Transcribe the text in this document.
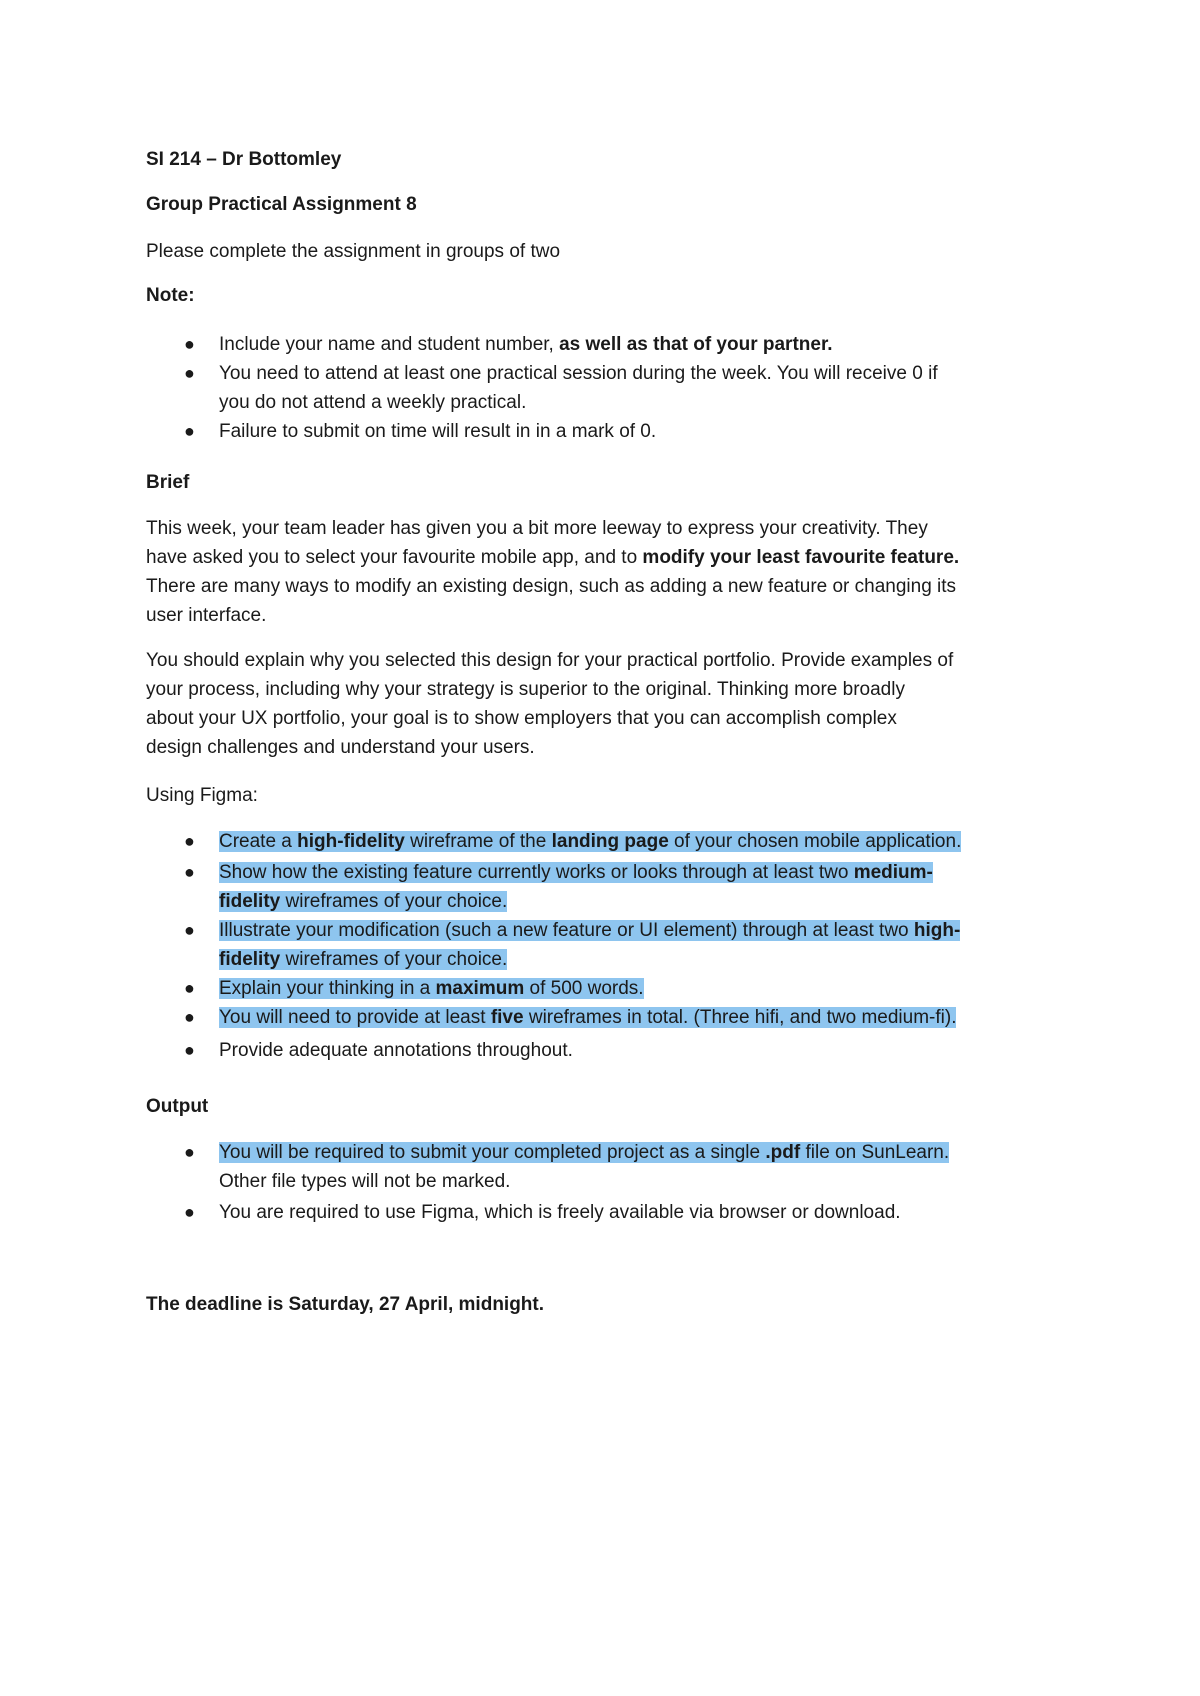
SI 214 – Dr Bottomley

Group Practical Assignment 8

Please complete the assignment in groups of two

Note:

● Include your name and student number, as well as that of your partner.
● You need to attend at least one practical session during the week. You will receive 0 if
you do not attend a weekly practical.
● Failure to submit on time will result in in a mark of 0.

Brief

This week, your team leader has given you a bit more leeway to express your creativity. They
have asked you to select your favourite mobile app, and to modify your least favourite feature.
There are many ways to modify an existing design, such as adding a new feature or changing its
user interface.
You should explain why you selected this design for your practical portfolio. Provide examples of
your process, including why your strategy is superior to the original. Thinking more broadly
about your UX portfolio, your goal is to show employers that you can accomplish complex
design challenges and understand your users.

Using Figma:

● Create a high-fidelity wireframe of the landing page of your chosen mobile application.
● Show how the existing feature currently works or looks through at least two medium-
fidelity wireframes of your choice.
● Illustrate your modification (such a new feature or UI element) through at least two high-
fidelity wireframes of your choice.
● Explain your thinking in a maximum of 500 words.
● You will need to provide at least five wireframes in total. (Three hifi, and two medium-fi).
● Provide adequate annotations throughout.

Output

● You will be required to submit your completed project as a single .pdf file on SunLearn.
Other file types will not be marked.
● You are required to use Figma, which is freely available via browser or download.

The deadline is Saturday, 27 April, midnight.
